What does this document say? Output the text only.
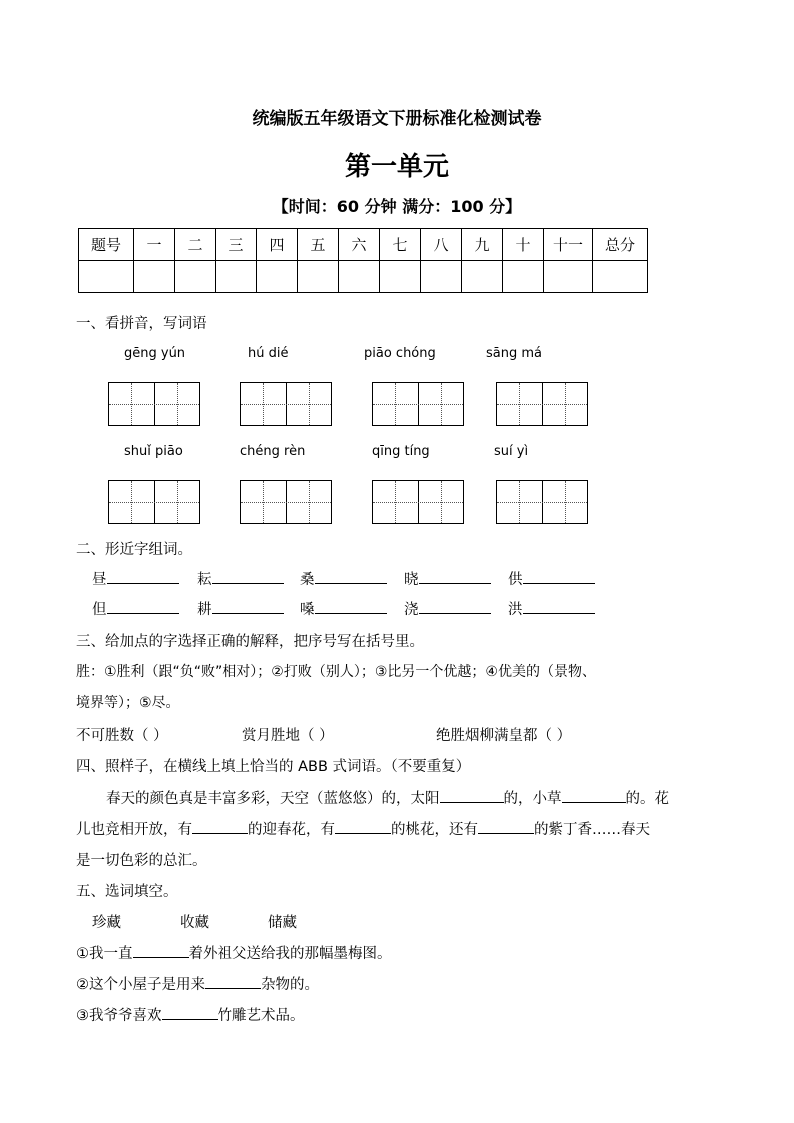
统编版五年级语文下册标准化检测试卷
第一单元
【时间：60 分钟 满分：100 分】
题号	一	二	三	四	五	六	七	八	九	十	十一	总分

一、看拼音，写词语
gēng yún	hú dié	piāo chóng	sāng má
shuǐ piāo	chéng rèn	qīng tíng	suí yì
二、形近字组词。
昼	耘	桑	晓	供
但	耕	嗓	浇	洪
三、给加点的字选择正确的解释，把序号写在括号里。
胜：①胜利（跟“负“败”相对）；②打败（别人）；③比另一个优越；④优美的（景物、
境界等）；⑤尽。
不可胜数（ ）	赏月胜地（ ）	绝胜烟柳满皇都（ ）
四、照样子，在横线上填上恰当的 ABB 式词语。（不要重复）
春天的颜色真是丰富多彩，天空（蓝悠悠）的，太阳	的，小草	的。花
儿也竞相开放，有	的迎春花，有	的桃花，还有	的紫丁香……春天
是一切色彩的总汇。
五、选词填空。
珍藏	收藏	储藏
①我一直	着外祖父送给我的那幅墨梅图。
②这个小屋子是用来	杂物的。
③我爷爷喜欢	竹雕艺术品。
